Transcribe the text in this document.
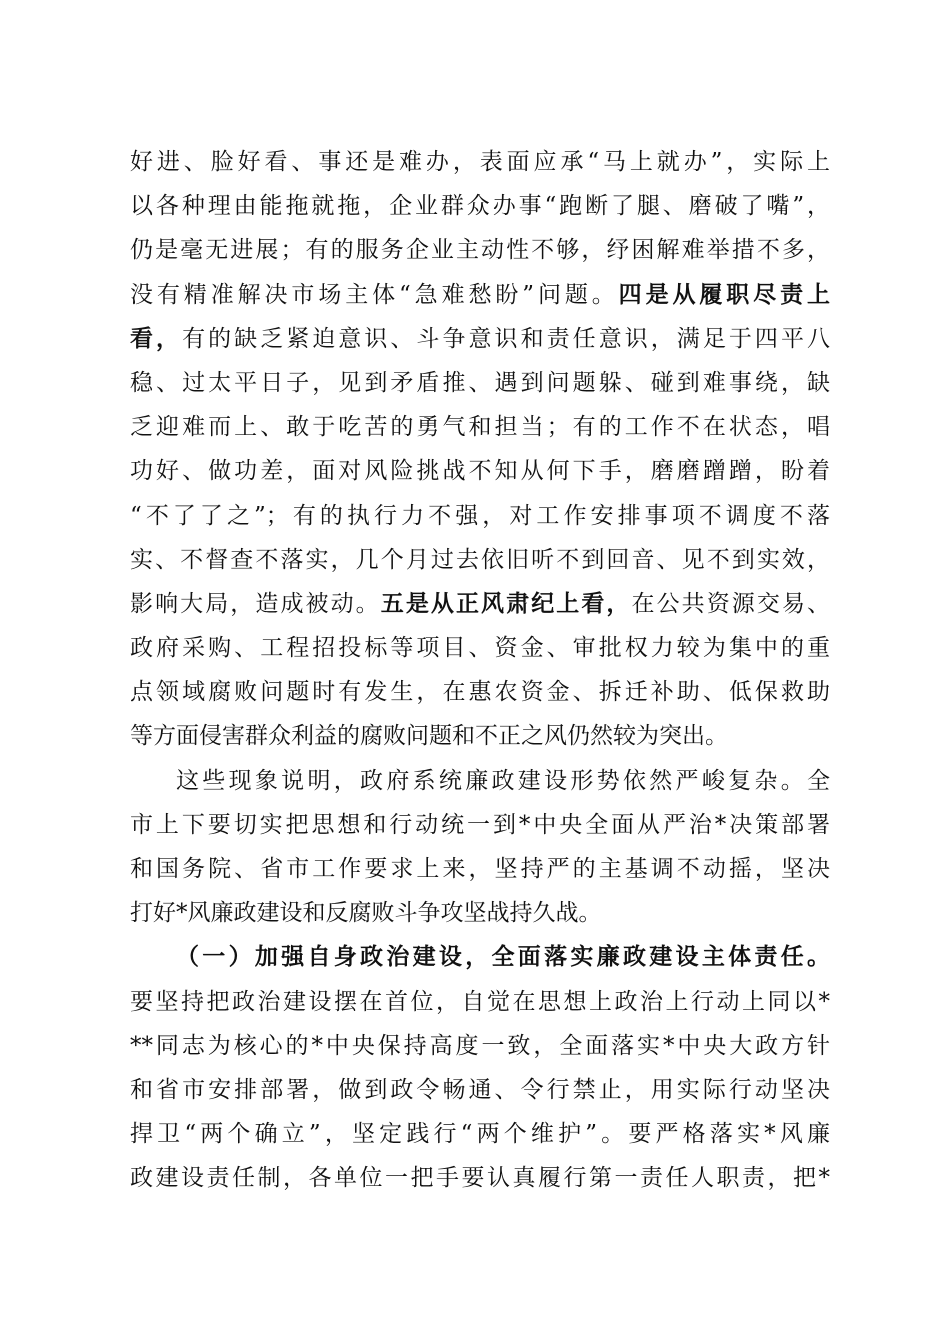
好进、脸好看、事还是难办，表面应承“马上就办”，实际上
以各种理由能拖就拖，企业群众办事“跑断了腿、磨破了嘴”，
仍是毫无进展；有的服务企业主动性不够，纾困解难举措不多，
没有精准解决市场主体“急难愁盼”问题。四是从履职尽责上
看，有的缺乏紧迫意识、斗争意识和责任意识，满足于四平八
稳、过太平日子，见到矛盾推、遇到问题躲、碰到难事绕，缺
乏迎难而上、敢于吃苦的勇气和担当；有的工作不在状态，唱
功好、做功差，面对风险挑战不知从何下手，磨磨蹭蹭，盼着
“不了了之”；有的执行力不强，对工作安排事项不调度不落
实、不督查不落实，几个月过去依旧听不到回音、见不到实效，
影响大局，造成被动。五是从正风肃纪上看，在公共资源交易、
政府采购、工程招投标等项目、资金、审批权力较为集中的重
点领域腐败问题时有发生，在惠农资金、拆迁补助、低保救助
等方面侵害群众利益的腐败问题和不正之风仍然较为突出。
这些现象说明，政府系统廉政建设形势依然严峻复杂。全
市上下要切实把思想和行动统一到*中央全面从严治*决策部署
和国务院、省市工作要求上来，坚持严的主基调不动摇，坚决
打好*风廉政建设和反腐败斗争攻坚战持久战。
（一）加强自身政治建设，全面落实廉政建设主体责任。
要坚持把政治建设摆在首位，自觉在思想上政治上行动上同以*
**同志为核心的*中央保持高度一致，全面落实*中央大政方针
和省市安排部署，做到政令畅通、令行禁止，用实际行动坚决
捍卫“两个确立”，坚定践行“两个维护”。要严格落实*风廉
政建设责任制，各单位一把手要认真履行第一责任人职责，把*
